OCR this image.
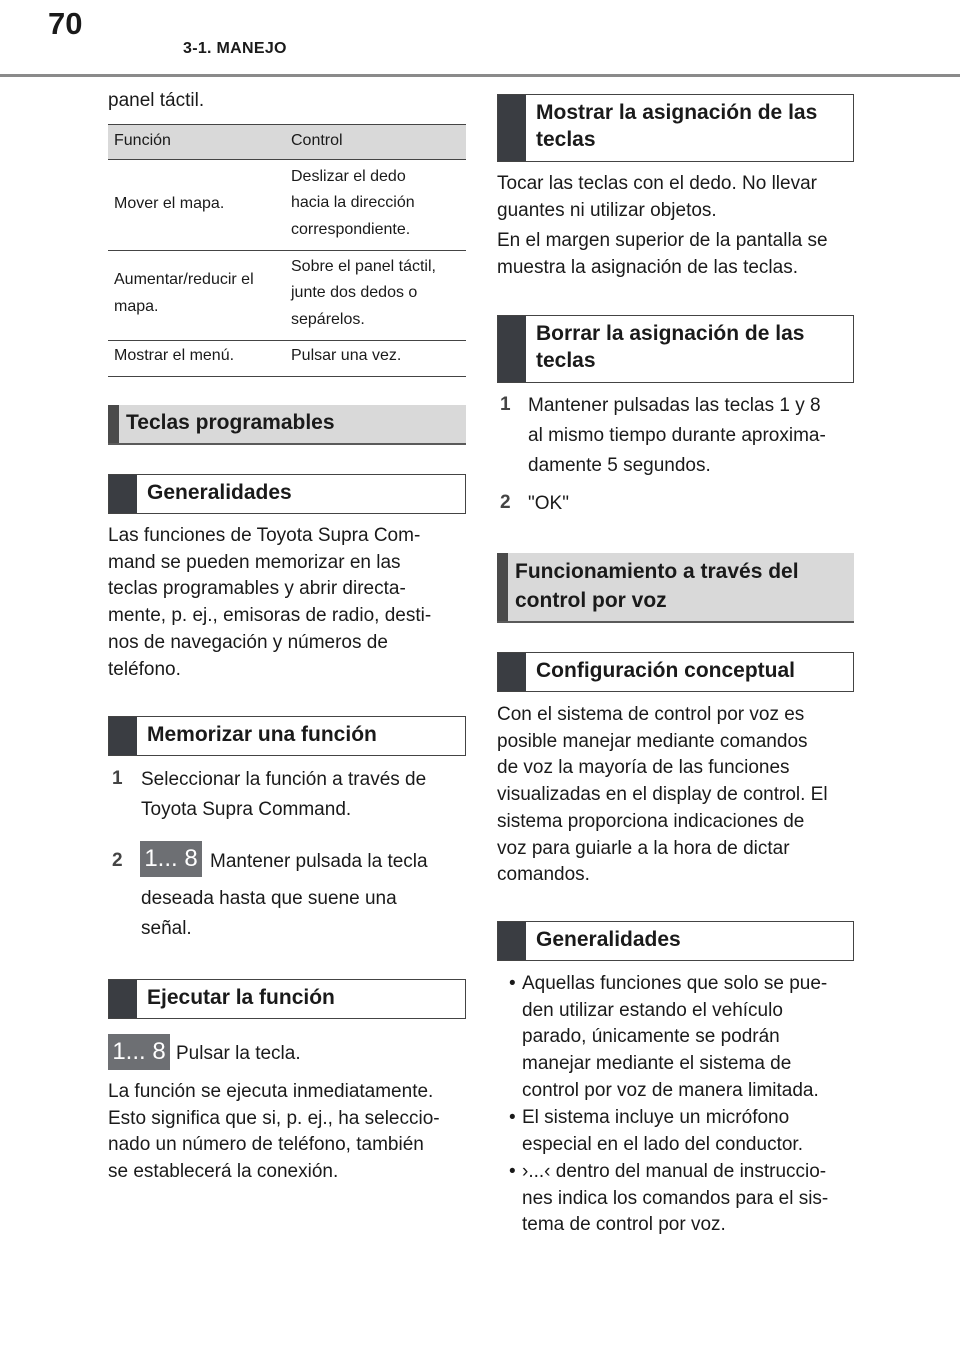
70
3-1. MANEJO
panel táctil.
Función	Control
Mover el mapa.
Deslizar el dedo
hacia la dirección
correspondiente.
Aumentar/reducir el
mapa.
Sobre el panel táctil,
junte dos dedos o
sepárelos.
Mostrar el menú.	Pulsar una vez.
Teclas programables
Generalidades
Las funciones de Toyota Supra Com-
mand se pueden memorizar en las
teclas programables y abrir directa-
mente, p. ej., emisoras de radio, desti-
nos de navegación y números de
teléfono.
Memorizar una función
1 Seleccionar la función a través de
Toyota Supra Command.
2 1... 8 Mantener pulsada la tecla
deseada hasta que suene una
señal.
Ejecutar la función
1... 8 Pulsar la tecla.
La función se ejecuta inmediatamente.
Esto significa que si, p. ej., ha seleccio-
nado un número de teléfono, también
se establecerá la conexión.
Mostrar la asignación de las
teclas
Tocar las teclas con el dedo. No llevar
guantes ni utilizar objetos.
En el margen superior de la pantalla se
muestra la asignación de las teclas.
Borrar la asignación de las
teclas
1 Mantener pulsadas las teclas 1 y 8
al mismo tiempo durante aproxima-
damente 5 segundos.
2 "OK"
Funcionamiento a través del
control por voz
Configuración conceptual
Con el sistema de control por voz es
posible manejar mediante comandos
de voz la mayoría de las funciones
visualizadas en el display de control. El
sistema proporciona indicaciones de
voz para guiarle a la hora de dictar
comandos.
Generalidades
• Aquellas funciones que solo se pue-
den utilizar estando el vehículo
parado, únicamente se podrán
manejar mediante el sistema de
control por voz de manera limitada.
• El sistema incluye un micrófono
especial en el lado del conductor.
• ›...‹ dentro del manual de instruccio-
nes indica los comandos para el sis-
tema de control por voz.
